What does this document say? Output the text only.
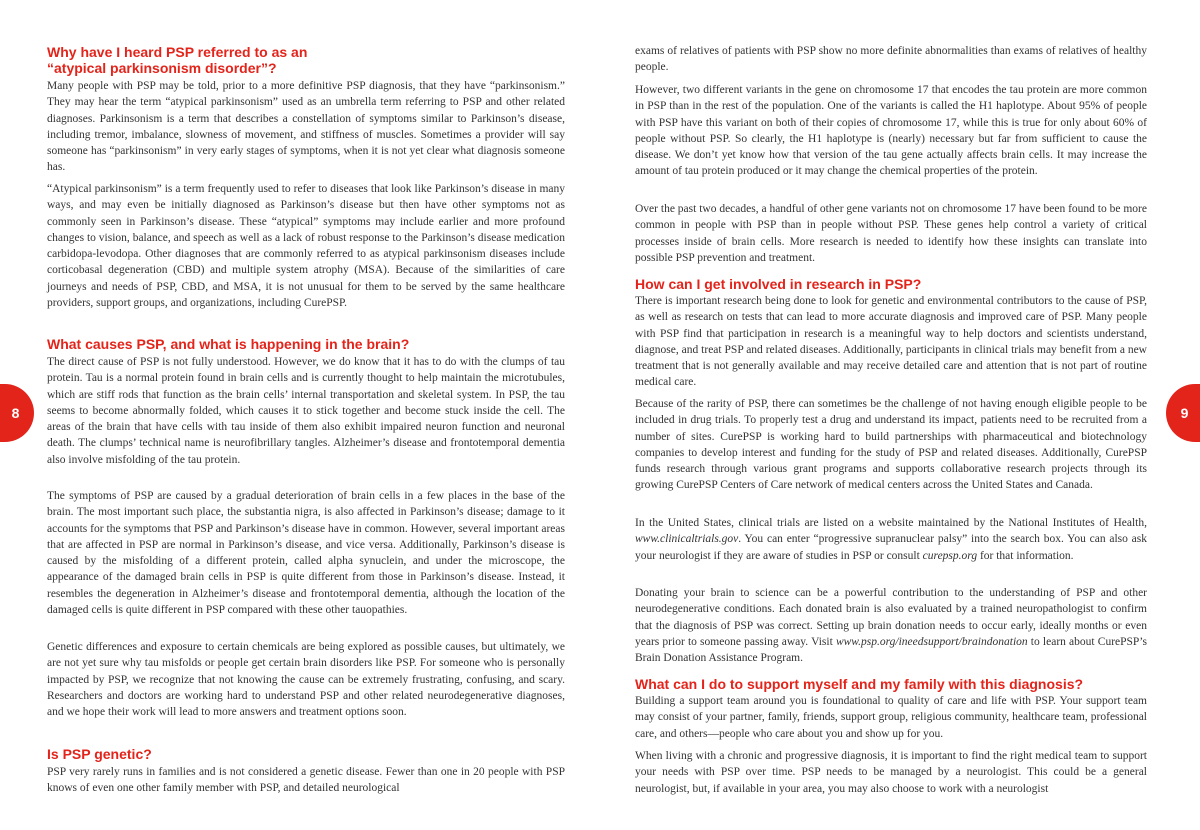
8	9
Why have I heard PSP referred to as an
“atypical parkinsonism disorder”?

Many people with PSP may be told, prior to a more definitive PSP diagnosis, that they have “parkinsonism.” They may hear the term “atypical parkinsonism” used as an umbrella term referring to PSP and other related diagnoses. Parkinsonism is a term that describes a constellation of symptoms similar to Parkinson’s disease, including tremor, imbalance, slowness of movement, and stiffness of muscles. Sometimes a provider will say someone has “parkinsonism” in very early stages of symptoms, when it is not yet clear what diagnosis someone has.

“Atypical parkinsonism” is a term frequently used to refer to diseases that look like Parkinson’s disease in many ways, and may even be initially diagnosed as Parkinson’s disease but then have other symptoms not as commonly seen in Parkinson’s disease. These “atypical” symptoms may include earlier and more profound changes to vision, balance, and speech as well as a lack of robust response to the Parkinson’s disease medication carbidopa-levodopa. Other diagnoses that are commonly referred to as atypical parkinsonism diseases include corticobasal degeneration (CBD) and multiple system atrophy (MSA). Because of the similarities of care journeys and needs of PSP, CBD, and MSA, it is not unusual for them to be served by the same healthcare providers, support groups, and organizations, including CurePSP.

What causes PSP, and what is happening in the brain?

The direct cause of PSP is not fully understood. However, we do know that it has to do with the clumps of tau protein. Tau is a normal protein found in brain cells and is currently thought to help maintain the microtubules, which are stiff rods that function as the brain cells’ internal transportation and skeletal system. In PSP, the tau seems to become abnormally folded, which causes it to stick together and become stuck inside the cell. The areas of the brain that have cells with tau inside of them also exhibit impaired neuron function and neuronal death. The clumps’ technical name is neurofibrillary tangles. Alzheimer’s disease and frontotemporal dementia also involve misfolding of the tau protein.

The symptoms of PSP are caused by a gradual deterioration of brain cells in a few places in the base of the brain. The most important such place, the substantia nigra, is also affected in Parkinson’s disease; damage to it accounts for the symptoms that PSP and Parkinson’s disease have in common. However, several important areas that are affected in PSP are normal in Parkinson’s disease, and vice versa. Additionally, Parkinson’s disease is caused by the misfolding of a different protein, called alpha synuclein, and under the microscope, the appearance of the damaged brain cells in PSP is quite different from those in Parkinson’s disease. Instead, it resembles the degeneration in Alzheimer’s disease and frontotemporal dementia, although the location of the damaged cells is quite different in PSP compared with these other tauopathies.

Genetic differences and exposure to certain chemicals are being explored as possible causes, but ultimately, we are not yet sure why tau misfolds or people get certain brain disorders like PSP. For someone who is personally impacted by PSP, we recognize that not knowing the cause can be extremely frustrating, confusing, and scary. Researchers and doctors are working hard to understand PSP and other related neurodegenerative diagnoses, and we hope their work will lead to more answers and treatment options soon.

Is PSP genetic?

PSP very rarely runs in families and is not considered a genetic disease. Fewer than one in 20 people with PSP knows of even one other family member with PSP, and detailed neurological

exams of relatives of patients with PSP show no more definite abnormalities than exams of relatives of healthy people.

However, two different variants in the gene on chromosome 17 that encodes the tau protein are more common in PSP than in the rest of the population. One of the variants is called the H1 haplotype. About 95% of people with PSP have this variant on both of their copies of chromosome 17, while this is true for only about 60% of people without PSP. So clearly, the H1 haplotype is (nearly) necessary but far from sufficient to cause the disease. We don’t yet know how that version of the tau gene actually affects brain cells. It may increase the amount of tau protein produced or it may change the chemical properties of the protein.

Over the past two decades, a handful of other gene variants not on chromosome 17 have been found to be more common in people with PSP than in people without PSP. These genes help control a variety of critical processes inside of brain cells. More research is needed to identify how these insights can translate into possible PSP prevention and treatment.

How can I get involved in research in PSP?

There is important research being done to look for genetic and environmental contributors to the cause of PSP, as well as research on tests that can lead to more accurate diagnosis and improved care of PSP. Many people with PSP find that participation in research is a meaningful way to help doctors and scientists understand, diagnose, and treat PSP and related diseases. Additionally, participants in clinical trials may benefit from a new treatment that is not generally available and may receive detailed care and attention that is not part of routine medical care.

Because of the rarity of PSP, there can sometimes be the challenge of not having enough eligible people to be included in drug trials. To properly test a drug and understand its impact, patients need to be recruited from a number of sites. CurePSP is working hard to build partnerships with pharmaceutical and biotechnology companies to develop interest and funding for the study of PSP and related diseases. Additionally, CurePSP funds research through various grant programs and supports collaborative research projects through its growing CurePSP Centers of Care network of medical centers across the United States and Canada.

In the United States, clinical trials are listed on a website maintained by the National Institutes of Health, www.clinicaltrials.gov. You can enter “progressive supranuclear palsy” into the search box. You can also ask your neurologist if they are aware of studies in PSP or consult curepsp.org for that information.

Donating your brain to science can be a powerful contribution to the understanding of PSP and other neurodegenerative conditions. Each donated brain is also evaluated by a trained neuropathologist to confirm that the diagnosis of PSP was correct. Setting up brain donation needs to occur early, ideally months or even years prior to someone passing away. Visit www.psp.org/ineedsupport/braindonation to learn about CurePSP’s Brain Donation Assistance Program.

What can I do to support myself and my family with this diagnosis?

Building a support team around you is foundational to quality of care and life with PSP. Your support team may consist of your partner, family, friends, support group, religious community, healthcare team, professional care, and others—people who care about you and show up for you.

When living with a chronic and progressive diagnosis, it is important to find the right medical team to support your needs with PSP over time. PSP needs to be managed by a neurologist. This could be a general neurologist, but, if available in your area, you may also choose to work with a neurologist
